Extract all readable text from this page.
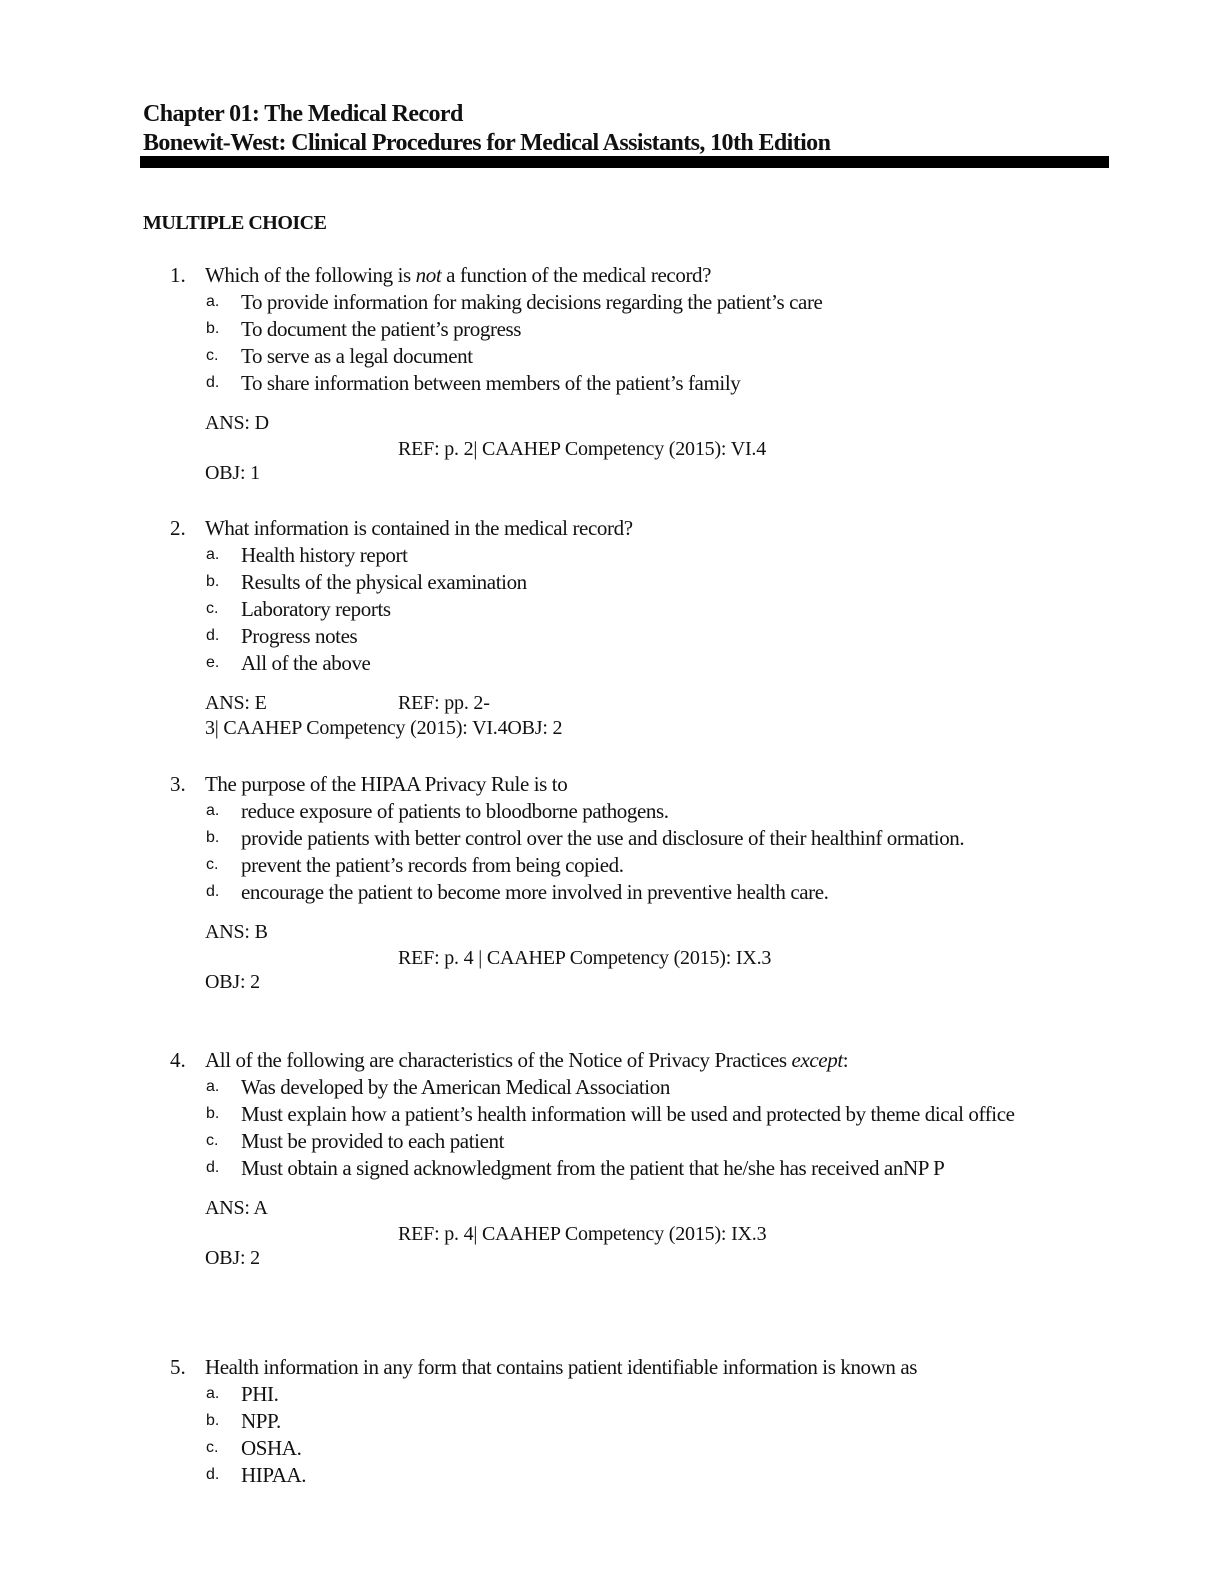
Chapter 01: The Medical Record
Bonewit-West: Clinical Procedures for Medical Assistants, 10th Edition
MULTIPLE CHOICE
1. Which of the following is not a function of the medical record?
a. To provide information for making decisions regarding the patient’s care
b. To document the patient’s progress
c. To serve as a legal document
d. To share information between members of the patient’s family
ANS: D
REF: p. 2| CAAHEP Competency (2015): VI.4
OBJ: 1
2. What information is contained in the medical record?
a. Health history report
b. Results of the physical examination
c. Laboratory reports
d. Progress notes
e. All of the above
ANS: E	REF: pp. 2-
3| CAAHEP Competency (2015): VI.4OBJ: 2
3. The purpose of the HIPAA Privacy Rule is to
a. reduce exposure of patients to bloodborne pathogens.
b. provide patients with better control over the use and disclosure of their healthinf ormation.
c. prevent the patient’s records from being copied.
d. encourage the patient to become more involved in preventive health care.
ANS: B
REF: p. 4 | CAAHEP Competency (2015): IX.3
OBJ: 2
4. All of the following are characteristics of the Notice of Privacy Practices except:
a. Was developed by the American Medical Association
b. Must explain how a patient’s health information will be used and protected by theme dical office
c. Must be provided to each patient
d. Must obtain a signed acknowledgment from the patient that he/she has received anNP P
ANS: A
REF: p. 4| CAAHEP Competency (2015): IX.3
OBJ: 2
5. Health information in any form that contains patient identifiable information is known as
a. PHI.
b. NPP.
c. OSHA.
d. HIPAA.
